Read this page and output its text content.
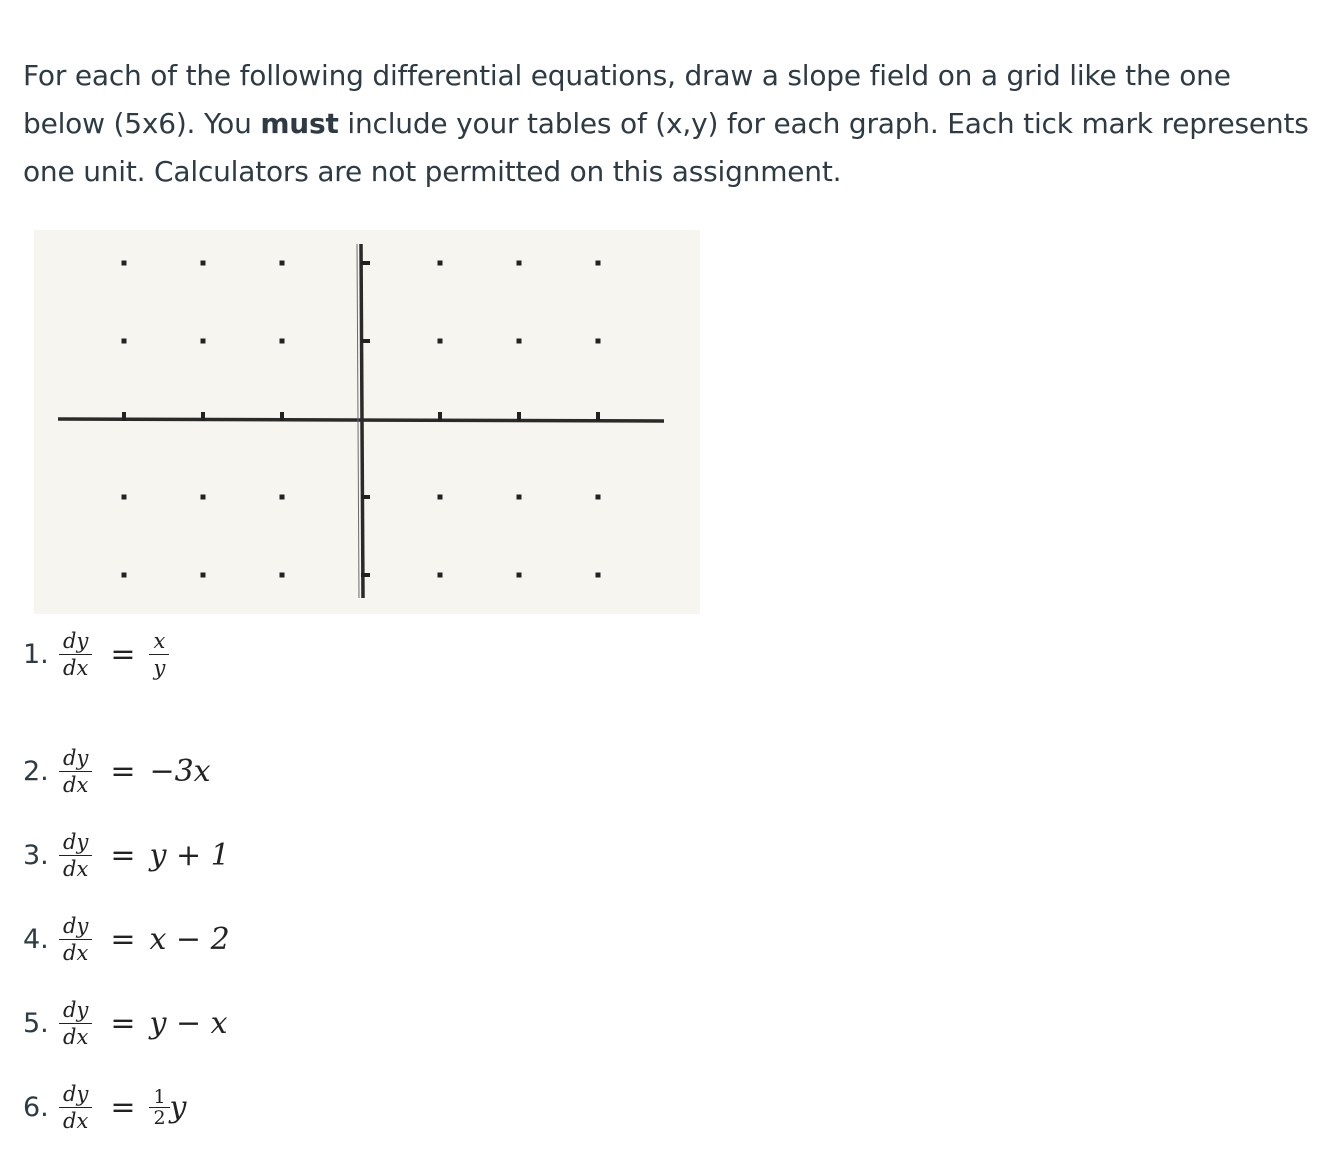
For each of the following differential equations, draw a slope field on a grid like the one below (5x6). You must include your tables of (x,y) for each graph. Each tick mark represents one unit. Calculators are not permitted on this assignment.
1. $\frac{dy}{dx} = \frac{x}{y}$
2. $\frac{dy}{dx} = -3x$
3. $\frac{dy}{dx} = y + 1$
4. $\frac{dy}{dx} = x - 2$
5. $\frac{dy}{dx} = y - x$
6. $\frac{dy}{dx} = \frac{1}{2}$ y
